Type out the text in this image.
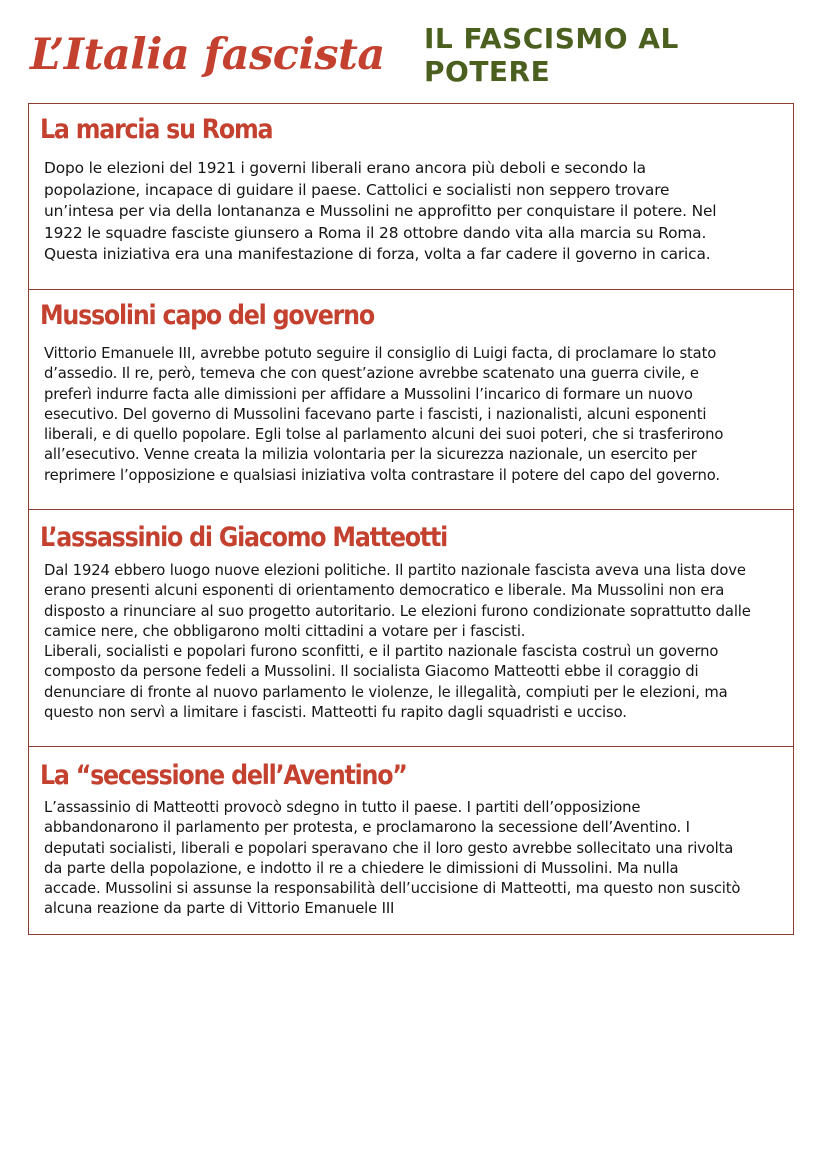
L’Italia fascista IL FASCISMO AL
POTERE
La marcia su Roma

Dopo le elezioni del 1921 i governi liberali erano ancora più deboli e secondo la

popolazione, incapace di guidare il paese. Cattolici e socialisti non seppero trovare

un’intesa per via della lontananza e Mussolini ne approfitto per conquistare il potere. Nel

1922 le squadre fasciste giunsero a Roma il 28 ottobre dando vita alla marcia su Roma.

Questa iniziativa era una manifestazione di forza, volta a far cadere il governo in carica.

Mussolini capo del governo

Vittorio Emanuele III, avrebbe potuto seguire il consiglio di Luigi facta, di proclamare lo stato

d’assedio. Il re, però, temeva che con quest’azione avrebbe scatenato una guerra civile, e

preferì indurre facta alle dimissioni per affidare a Mussolini l’incarico di formare un nuovo

esecutivo. Del governo di Mussolini facevano parte i fascisti, i nazionalisti, alcuni esponenti

liberali, e di quello popolare. Egli tolse al parlamento alcuni dei suoi poteri, che si trasferirono

all’esecutivo. Venne creata la milizia volontaria per la sicurezza nazionale, un esercito per

reprimere l’opposizione e qualsiasi iniziativa volta contrastare il potere del capo del governo.

L’assassinio di Giacomo Matteotti

Dal 1924 ebbero luogo nuove elezioni politiche. Il partito nazionale fascista aveva una lista dove

erano presenti alcuni esponenti di orientamento democratico e liberale. Ma Mussolini non era

disposto a rinunciare al suo progetto autoritario. Le elezioni furono condizionate soprattutto dalle

camice nere, che obbligarono molti cittadini a votare per i fascisti.

Liberali, socialisti e popolari furono sconfitti, e il partito nazionale fascista costruì un governo

composto da persone fedeli a Mussolini. Il socialista Giacomo Matteotti ebbe il coraggio di

denunciare di fronte al nuovo parlamento le violenze, le illegalità, compiuti per le elezioni, ma

questo non servì a limitare i fascisti. Matteotti fu rapito dagli squadristi e ucciso.

La “secessione dell’Aventino”

L’assassinio di Matteotti provocò sdegno in tutto il paese. I partiti dell’opposizione

abbandonarono il parlamento per protesta, e proclamarono la secessione dell’Aventino. I

deputati socialisti, liberali e popolari speravano che il loro gesto avrebbe sollecitato una rivolta

da parte della popolazione, e indotto il re a chiedere le dimissioni di Mussolini. Ma nulla

accade. Mussolini si assunse la responsabilità dell’uccisione di Matteotti, ma questo non suscitò

alcuna reazione da parte di Vittorio Emanuele III
